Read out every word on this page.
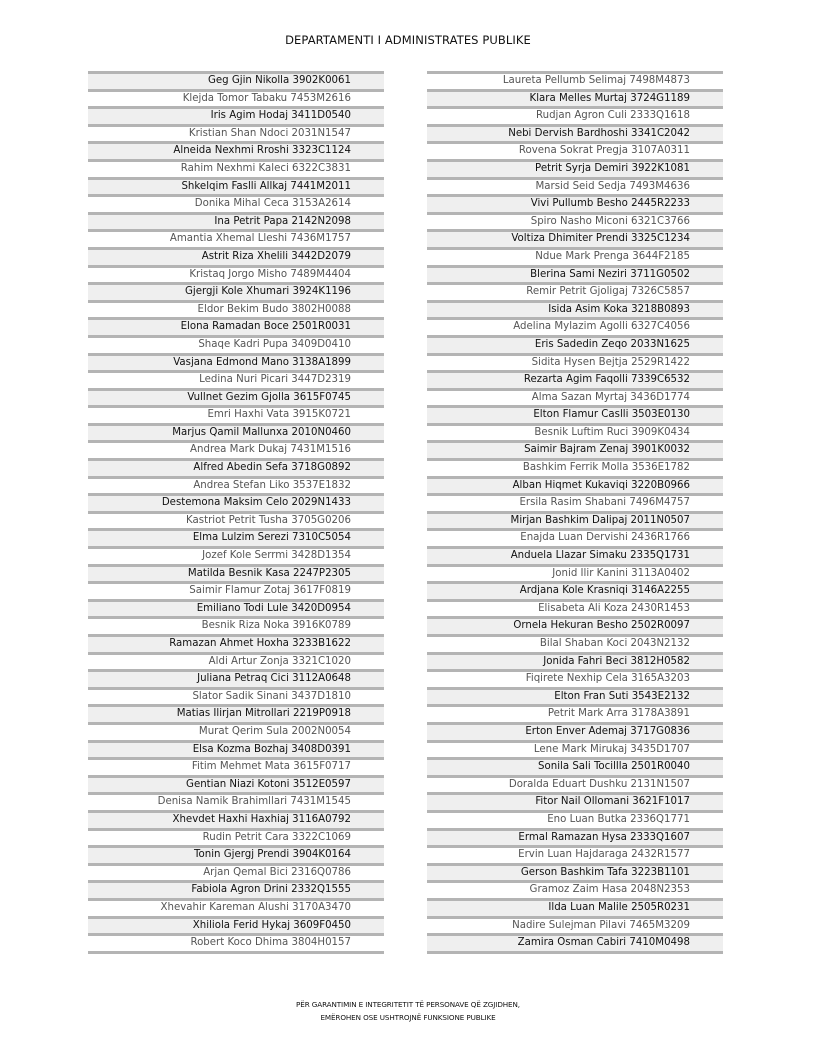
DEPARTAMENTI I ADMINISTRATES PUBLIKE
Geg Gjin Nikolla 3902K0061
Klejda Tomor Tabaku 7453M2616
Iris Agim Hodaj 3411D0540
Kristian Shan Ndoci 2031N1547
Alneida Nexhmi Rroshi 3323C1124
Rahim Nexhmi Kaleci 6322C3831
Shkelqim Faslli Allkaj 7441M2011
Donika Mihal Ceca 3153A2614
Ina Petrit Papa 2142N2098
Amantia Xhemal Lleshi 7436M1757
Astrit Riza Xhelili 3442D2079
Kristaq Jorgo Misho 7489M4404
Gjergji Kole Xhumari 3924K1196
Eldor Bekim Budo 3802H0088
Elona Ramadan Boce 2501R0031
Shaqe Kadri Pupa 3409D0410
Vasjana Edmond Mano 3138A1899
Ledina Nuri Picari 3447D2319
Vullnet Gezim Gjolla 3615F0745
Emri Haxhi Vata 3915K0721
Marjus Qamil Mallunxa 2010N0460
Andrea Mark Dukaj 7431M1516
Alfred Abedin Sefa 3718G0892
Andrea Stefan Liko 3537E1832
Destemona Maksim Celo 2029N1433
Kastriot Petrit Tusha 3705G0206
Elma Lulzim Serezi 7310C5054
Jozef Kole Serrmi 3428D1354
Matilda Besnik Kasa 2247P2305
Saimir Flamur Zotaj 3617F0819
Emiliano Todi Lule 3420D0954
Besnik Riza Noka 3916K0789
Ramazan Ahmet Hoxha 3233B1622
Aldi Artur Zonja 3321C1020
Juliana Petraq Cici 3112A0648
Slator Sadik Sinani 3437D1810
Matias Ilirjan Mitrollari 2219P0918
Murat Qerim Sula 2002N0054
Elsa Kozma Bozhaj 3408D0391
Fitim Mehmet Mata 3615F0717
Gentian Niazi Kotoni 3512E0597
Denisa Namik Brahimllari 7431M1545
Xhevdet Haxhi Haxhiaj 3116A0792
Rudin Petrit Cara 3322C1069
Tonin Gjergj Prendi 3904K0164
Arjan Qemal Bici 2316Q0786
Fabiola Agron Drini 2332Q1555
Xhevahir Kareman Alushi 3170A3470
Xhiliola Ferid Hykaj 3609F0450
Robert Koco Dhima 3804H0157
Laureta Pellumb Selimaj 7498M4873
Klara Melles Murtaj 3724G1189
Rudjan Agron Culi 2333Q1618
Nebi Dervish Bardhoshi 3341C2042
Rovena Sokrat Pregja 3107A0311
Petrit Syrja Demiri 3922K1081
Marsid Seid Sedja 7493M4636
Vivi Pullumb Besho 2445R2233
Spiro Nasho Miconi 6321C3766
Voltiza Dhimiter Prendi 3325C1234
Ndue Mark Prenga 3644F2185
Blerina Sami Neziri 3711G0502
Remir Petrit Gjoligaj 7326C5857
Isida Asim Koka 3218B0893
Adelina Mylazim Agolli 6327C4056
Eris Sadedin Zeqo 2033N1625
Sidita Hysen Bejtja 2529R1422
Rezarta Agim Faqolli 7339C6532
Alma Sazan Myrtaj 3436D1774
Elton Flamur Caslli 3503E0130
Besnik Luftim Ruci 3909K0434
Saimir Bajram Zenaj 3901K0032
Bashkim Ferrik Molla 3536E1782
Alban Hiqmet Kukaviqi 3220B0966
Ersila Rasim Shabani 7496M4757
Mirjan Bashkim Dalipaj 2011N0507
Enajda Luan Dervishi 2436R1766
Anduela Llazar Simaku 2335Q1731
Jonid Ilir Kanini 3113A0402
Ardjana Kole Krasniqi 3146A2255
Elisabeta Ali Koza 2430R1453
Ornela Hekuran Besho 2502R0097
Bilal Shaban Koci 2043N2132
Jonida Fahri Beci 3812H0582
Fiqirete Nexhip Cela 3165A3203
Elton Fran Suti 3543E2132
Petrit Mark Arra 3178A3891
Erton Enver Ademaj 3717G0836
Lene Mark Mirukaj 3435D1707
Sonila Sali Tocillla 2501R0040
Doralda Eduart Dushku 2131N1507
Fitor Nail Ollomani 3621F1017
Eno Luan Butka 2336Q1771
Ermal Ramazan Hysa 2333Q1607
Ervin Luan Hajdaraga 2432R1577
Gerson Bashkim Tafa 3223B1101
Gramoz Zaim Hasa 2048N2353
Ilda Luan Malile 2505R0231
Nadire Sulejman Pilavi 7465M3209
Zamira Osman Cabiri 7410M0498
PËR GARANTIMIN E INTEGRITETIT TË PERSONAVE QË ZGJIDHEN,
EMËROHEN OSE USHTROJNË FUNKSIONE PUBLIKE
